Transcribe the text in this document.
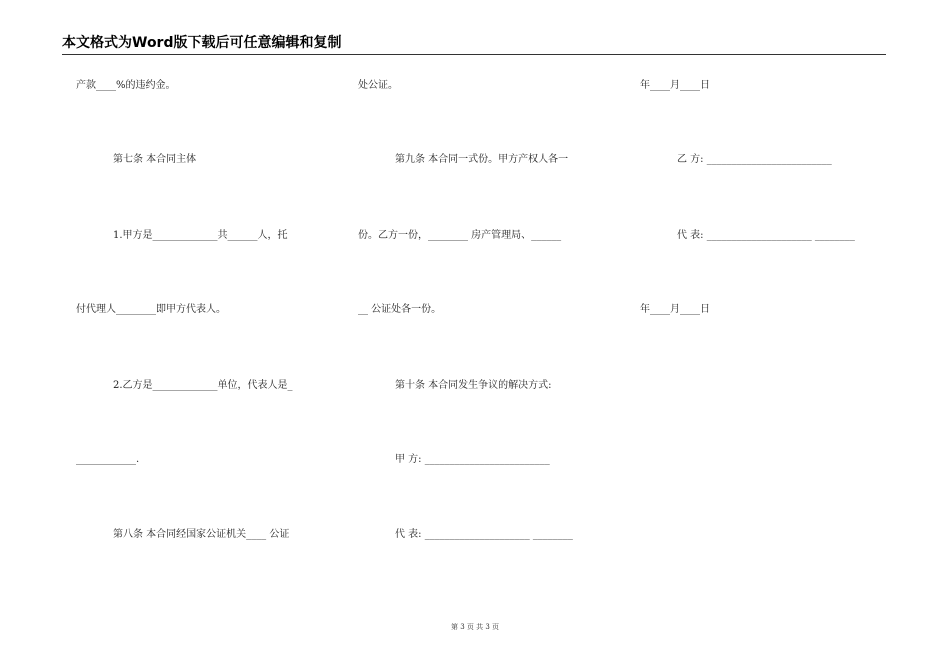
本文格式为Word版下载后可任意编辑和复制
产款____%的违约金。
第七条 本合同主体
1.甲方是_____________共______人，托
付代理人________即甲方代表人。
2.乙方是_____________单位，代表人是_
____________.
第八条 本合同经国家公证机关____ 公证
处公证。
第九条 本合同一式份。甲方产权人各一
份。乙方一份，________ 房产管理局、______
__ 公证处各一份。
第十条 本合同发生争议的解决方式:
甲 方: _________________________
代 表: _____________________ ________
年____月____日
乙 方: _________________________
代 表: _____________________ ________
年____月____日
第 3 页 共 3 页
